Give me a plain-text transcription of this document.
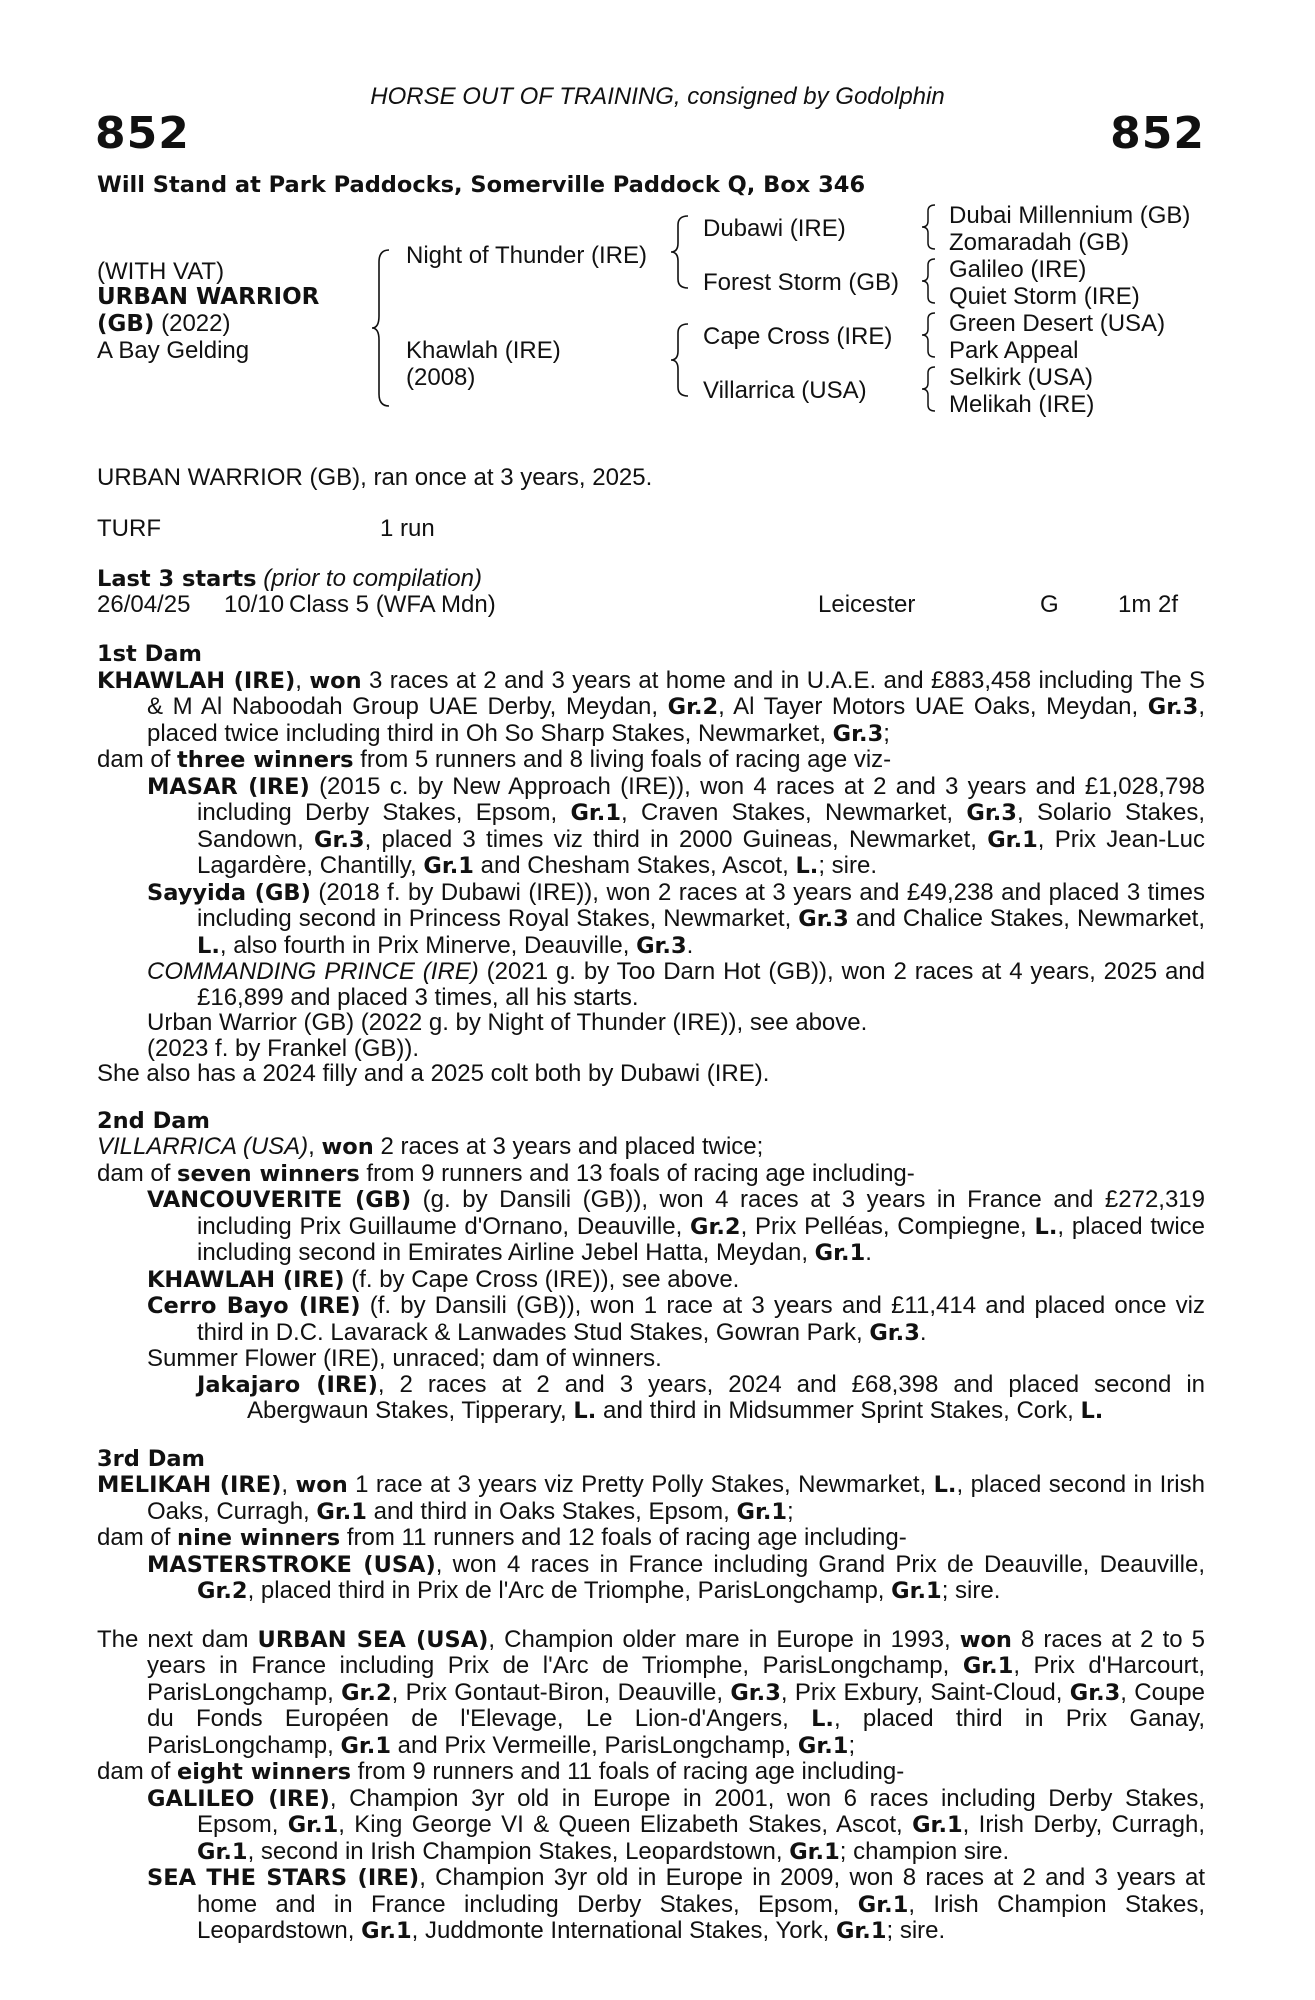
HORSE OUT OF TRAINING, consigned by Godolphin
852	852
Will Stand at Park Paddocks, Somerville Paddock Q, Box 346
(WITH VAT)
URBAN WARRIOR
(GB) (2022)
A Bay Gelding
Night of Thunder (IRE)
Khawlah (IRE)
(2008)
Dubawi (IRE)
Forest Storm (GB)
Cape Cross (IRE)
Villarrica (USA)
Dubai Millennium (GB)
Zomaradah (GB)
Galileo (IRE)
Quiet Storm (IRE)
Green Desert (USA)
Park Appeal
Selkirk (USA)
Melikah (IRE)
URBAN WARRIOR (GB), ran once at 3 years, 2025.
TURF	1 run
Last 3 starts (prior to compilation)
26/04/25 10/10 Class 5 (WFA Mdn)	Leicester	G 1m 2f

1st Dam

KHAWLAH (IRE), won 3 races at 2 and 3 years at home and in U.A.E. and £883,458 including The S & M Al Naboodah Group UAE Derby, Meydan, Gr.2, Al Tayer Motors UAE Oaks, Meydan, Gr.3, placed twice including third in Oh So Sharp Stakes, Newmarket, Gr.3;

dam of three winners from 5 runners and 8 living foals of racing age viz-

MASAR (IRE) (2015 c. by New Approach (IRE)), won 4 races at 2 and 3 years and £1,028,798 including Derby Stakes, Epsom, Gr.1, Craven Stakes, Newmarket, Gr.3, Solario Stakes, Sandown, Gr.3, placed 3 times viz third in 2000 Guineas, Newmarket, Gr.1, Prix Jean-Luc Lagardère, Chantilly, Gr.1 and Chesham Stakes, Ascot, L.; sire.

Sayyida (GB) (2018 f. by Dubawi (IRE)), won 2 races at 3 years and £49,238 and placed 3 times including second in Princess Royal Stakes, Newmarket, Gr.3 and Chalice Stakes, Newmarket, L., also fourth in Prix Minerve, Deauville, Gr.3.

COMMANDING PRINCE (IRE) (2021 g. by Too Darn Hot (GB)), won 2 races at 4 years, 2025 and £16,899 and placed 3 times, all his starts.

Urban Warrior (GB) (2022 g. by Night of Thunder (IRE)), see above.

(2023 f. by Frankel (GB)).

She also has a 2024 filly and a 2025 colt both by Dubawi (IRE).

2nd Dam

VILLARRICA (USA), won 2 races at 3 years and placed twice;

dam of seven winners from 9 runners and 13 foals of racing age including-

VANCOUVERITE (GB) (g. by Dansili (GB)), won 4 races at 3 years in France and £272,319 including Prix Guillaume d'Ornano, Deauville, Gr.2, Prix Pelléas, Compiegne, L., placed twice including second in Emirates Airline Jebel Hatta, Meydan, Gr.1.

KHAWLAH (IRE) (f. by Cape Cross (IRE)), see above.

Cerro Bayo (IRE) (f. by Dansili (GB)), won 1 race at 3 years and £11,414 and placed once viz third in D.C. Lavarack & Lanwades Stud Stakes, Gowran Park, Gr.3.

Summer Flower (IRE), unraced; dam of winners.

Jakajaro (IRE), 2 races at 2 and 3 years, 2024 and £68,398 and placed second in Abergwaun Stakes, Tipperary, L. and third in Midsummer Sprint Stakes, Cork, L.

3rd Dam

MELIKAH (IRE), won 1 race at 3 years viz Pretty Polly Stakes, Newmarket, L., placed second in Irish Oaks, Curragh, Gr.1 and third in Oaks Stakes, Epsom, Gr.1;

dam of nine winners from 11 runners and 12 foals of racing age including-

MASTERSTROKE (USA), won 4 races in France including Grand Prix de Deauville, Deauville, Gr.2, placed third in Prix de l'Arc de Triomphe, ParisLongchamp, Gr.1; sire.

The next dam URBAN SEA (USA), Champion older mare in Europe in 1993, won 8 races at 2 to 5 years in France including Prix de l'Arc de Triomphe, ParisLongchamp, Gr.1, Prix d'Harcourt, ParisLongchamp, Gr.2, Prix Gontaut-Biron, Deauville, Gr.3, Prix Exbury, Saint-Cloud, Gr.3, Coupe du Fonds Européen de l'Elevage, Le Lion-d'Angers, L., placed third in Prix Ganay, ParisLongchamp, Gr.1 and Prix Vermeille, ParisLongchamp, Gr.1;

dam of eight winners from 9 runners and 11 foals of racing age including-

GALILEO (IRE), Champion 3yr old in Europe in 2001, won 6 races including Derby Stakes, Epsom, Gr.1, King George VI & Queen Elizabeth Stakes, Ascot, Gr.1, Irish Derby, Curragh, Gr.1, second in Irish Champion Stakes, Leopardstown, Gr.1; champion sire.

SEA THE STARS (IRE), Champion 3yr old in Europe in 2009, won 8 races at 2 and 3 years at home and in France including Derby Stakes, Epsom, Gr.1, Irish Champion Stakes, Leopardstown, Gr.1, Juddmonte International Stakes, York, Gr.1; sire.
